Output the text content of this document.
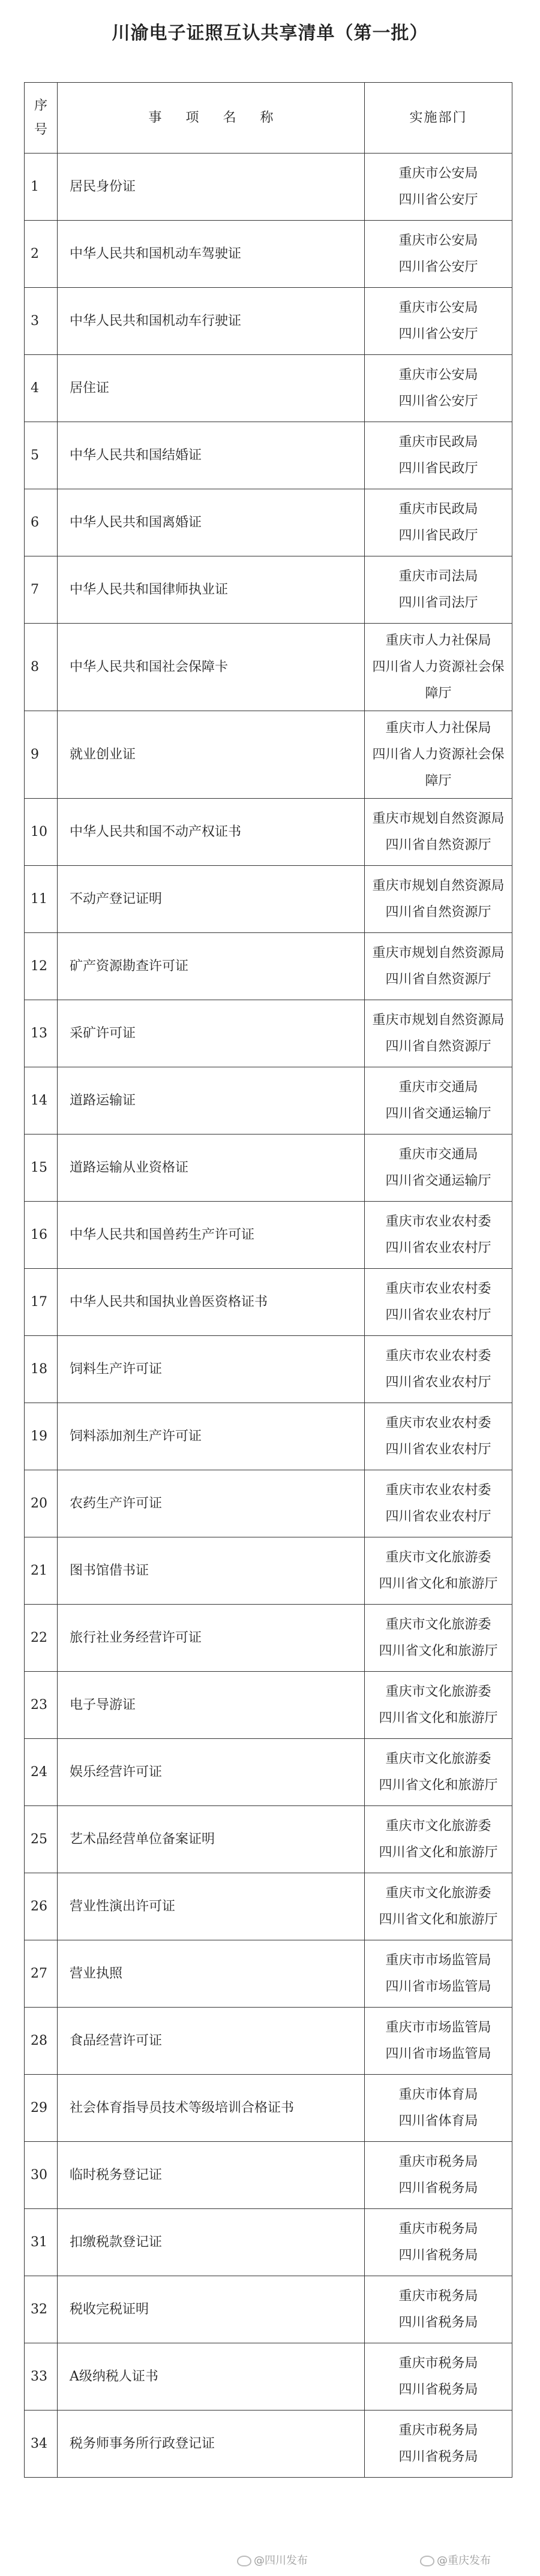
川渝电子证照互认共享清单（第一批）
序
号	事项名称	实施部门
1	居民身份证	重庆市公安局
四川省公安厅

2	中华人民共和国机动车驾驶证	重庆市公安局
四川省公安厅

3	中华人民共和国机动车行驶证	重庆市公安局
四川省公安厅

4	居住证	重庆市公安局
四川省公安厅

5	中华人民共和国结婚证	重庆市民政局
四川省民政厅

6	中华人民共和国离婚证	重庆市民政局
四川省民政厅

7	中华人民共和国律师执业证	重庆市司法局
四川省司法厅

8	中华人民共和国社会保障卡	重庆市人力社保局
四川省人力资源社会保
障厅

9	就业创业证	重庆市人力社保局
四川省人力资源社会保
障厅

10	中华人民共和国不动产权证书	重庆市规划自然资源局
四川省自然资源厅

11	不动产登记证明	重庆市规划自然资源局
四川省自然资源厅

12	矿产资源勘查许可证	重庆市规划自然资源局
四川省自然资源厅

13	采矿许可证	重庆市规划自然资源局
四川省自然资源厅

14	道路运输证	重庆市交通局
四川省交通运输厅

15	道路运输从业资格证	重庆市交通局
四川省交通运输厅

16	中华人民共和国兽药生产许可证	重庆市农业农村委
四川省农业农村厅

17	中华人民共和国执业兽医资格证书	重庆市农业农村委
四川省农业农村厅

18	饲料生产许可证	重庆市农业农村委
四川省农业农村厅

19	饲料添加剂生产许可证	重庆市农业农村委
四川省农业农村厅

20	农药生产许可证	重庆市农业农村委
四川省农业农村厅

21	图书馆借书证	重庆市文化旅游委
四川省文化和旅游厅

22	旅行社业务经营许可证	重庆市文化旅游委
四川省文化和旅游厅

23	电子导游证	重庆市文化旅游委
四川省文化和旅游厅

24	娱乐经营许可证	重庆市文化旅游委
四川省文化和旅游厅

25	艺术品经营单位备案证明	重庆市文化旅游委
四川省文化和旅游厅

26	营业性演出许可证	重庆市文化旅游委
四川省文化和旅游厅

27	营业执照	重庆市市场监管局
四川省市场监管局

28	食品经营许可证	重庆市市场监管局
四川省市场监管局

29	社会体育指导员技术等级培训合格证书	重庆市体育局
四川省体育局

30	临时税务登记证	重庆市税务局
四川省税务局

31	扣缴税款登记证	重庆市税务局
四川省税务局

32	税收完税证明	重庆市税务局
四川省税务局

33	A级纳税人证书	重庆市税务局
四川省税务局

34	税务师事务所行政登记证	重庆市税务局
四川省税务局
@四川发布	@重庆发布
